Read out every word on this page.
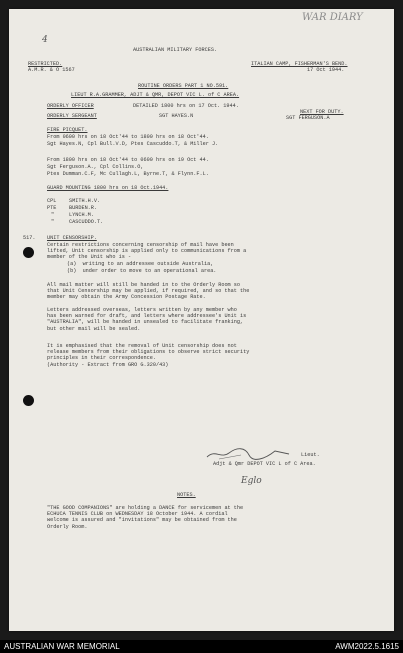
WAR DIARY
4
AUSTRALIAN MILITARY FORCES.
RESTRICTED.
A.M.R. & O 1567
ITALIAN CAMP, FISHERMAN'S BEND.
17 Oct 1944.
ROUTINE ORDERS PART 1 NO.591.
LIEUT R.A.GRAMMER, ADJT & QMR, DEPOT VIC L. of C AREA.
ORDERLY OFFICER	DETAILED 1800 hrs on 17 Oct. 1944.
ORDERLY SERGEANT	SGT HAYES.N
NEXT FOR DUTY.
SGT FERGUSON.A
FIRE PICQUET.
From 0600 hrs on 18 Oct'44 to 1800 hrs on 18 Oct'44.
Sgt Hayes.N, Cpl Bull.V.D, Ptes Cascuddo.T, & Miller J.
From 1800 hrs on 18 Oct'44 to 0600 hrs on 19 Oct 44.
Sgt Ferguson.A., Cpl Collins.O,
Ptes Dumman.C.F, Mc Cullagh.L, Byrne.T, & Flynn.F.L.
GUARD MOUNTING 1800 hrs on 18 Oct.1944.
CPL SMITH.H.V.
PTE BURDEN.R.
"	LYNCH.M.
"	CASCUDDO.T.
517. UNIT CENSORSHIP.
Certain restrictions concerning censorship of mail have been
lifted, Unit censorship is applied only to communications from a
member of the Unit who is -
(a)  writing to an addressee outside Australia,
(b)  under order to move to an operational area.
All mail matter will still be handed in to the Orderly Room so
that Unit Censorship may be applied, if required, and so that the
member may obtain the Army Concession Postage Rate.
Letters addressed overseas, letters written by any member who
has been warned for draft, and letters where addressee's Unit is
"AUSTRALIA", will be handed in unsealed to facilitate franking,
but other mail will be sealed.
It is emphasised that the removal of Unit censorship does not
release members from their obligations to observe strict security
principles in their correspondence.
(Authority - Extract from GRO G.320/43)
Lieut.
Adjt & Qmr DEPOT VIC L of C Area.
Eglo
NOTES.
"THE GOOD COMPANIONS" are holding a DANCE for servicemen at the
ECHUCA TENNIS CLUB on WEDNESDAY 18 October 1944. A cordial
welcome is assured and "invitations" may be obtained from the
Orderly Room.
AUSTRALIAN WAR MEMORIAL	AWM2022.5.1615
